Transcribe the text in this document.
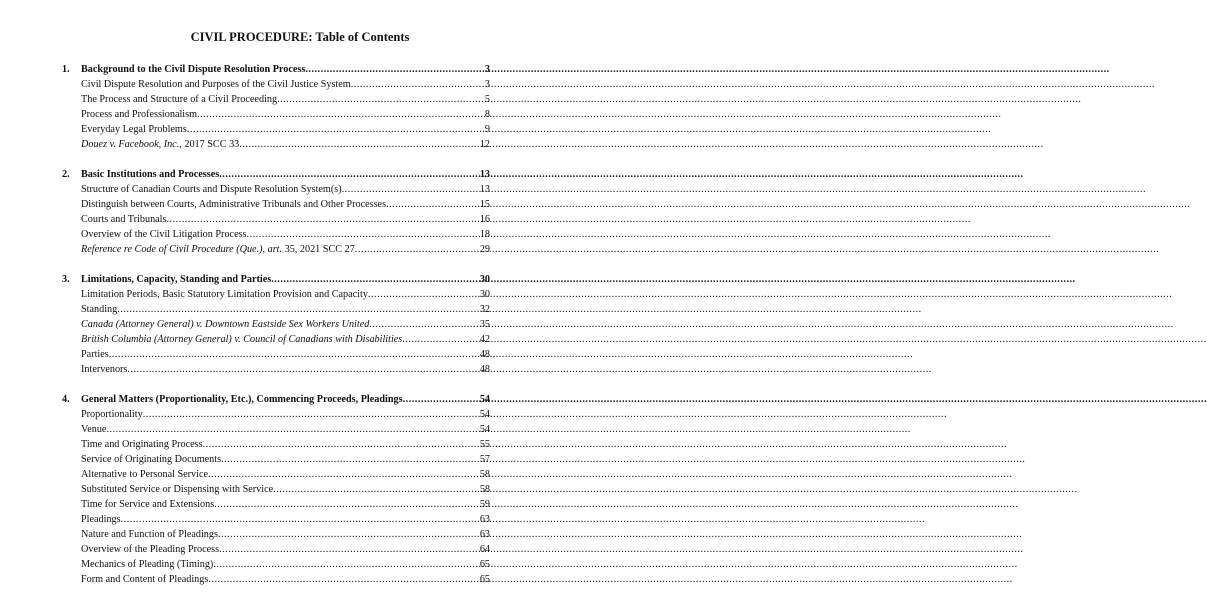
CIVIL PROCEDURE: Table of Contents
1.	Background to the Civil Dispute Resolution Process .....	3
Civil Dispute Resolution and Purposes of the Civil Justice System .....	3
The Process and Structure of a Civil Proceeding .....	5
Process and Professionalism .....	8
Everyday Legal Problems .....	9
Douez v. Facebook, Inc., 2017 SCC 33 .....	12
2.	Basic Institutions and Processes .....	13
Structure of Canadian Courts and Dispute Resolution System(s) .....	13
Distinguish between Courts, Administrative Tribunals and Other Processes .....	15
Courts and Tribunals .....	16
Overview of the Civil Litigation Process .....	18
Reference re Code of Civil Procedure (Que.), art. 35, 2021 SCC 27 .....	29
3.	Limitations, Capacity, Standing and Parties .....	30
Limitation Periods, Basic Statutory Limitation Provision and Capacity .....	30
Standing .....	32
Canada (Attorney General) v. Downtown Eastside Sex Workers United .....	35
British Columbia (Attorney General) v. Council of Canadians with Disabilities .....	42
Parties .....	48
Intervenors .....	48
4.	General Matters (Proportionality, Etc.), Commencing Proceeds, Pleadings .....	54
Proportionality .....	54
Venue .....	54
Time and Originating Process .....	55
Service of Originating Documents .....	57
Alternative to Personal Service .....	58
Substituted Service or Dispensing with Service .....	58
Time for Service and Extensions .....	59
Pleadings .....	63
Nature and Function of Pleadings .....	63
Overview of the Pleading Process .....	64
Mechanics of Pleading (Timing) .....	65
Form and Content of Pleadings .....	65
